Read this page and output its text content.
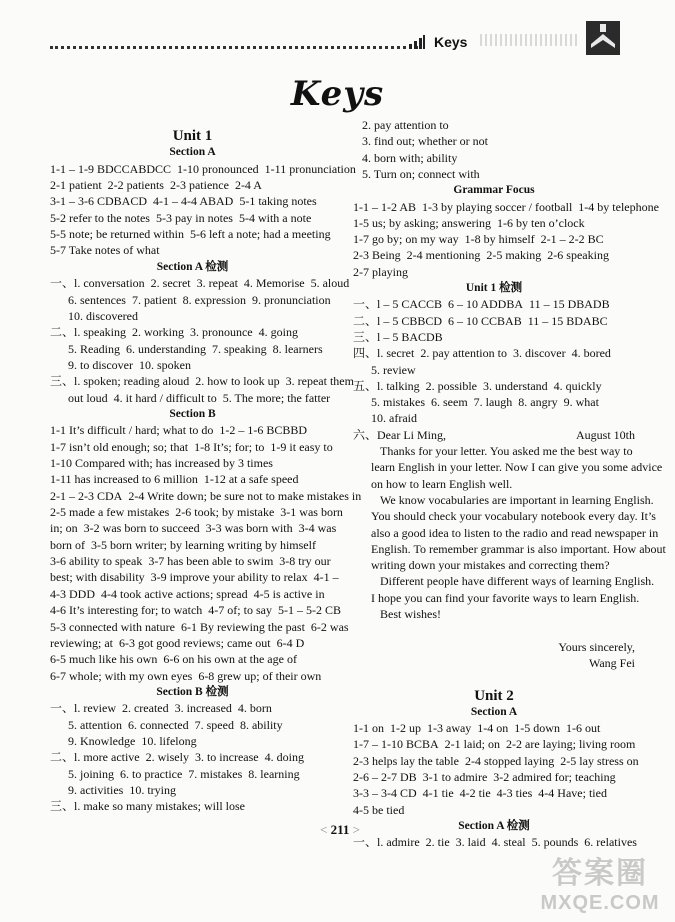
Keys
Keys
Unit 1
Section A
1-1 – 1-9 BDCCABDCC  1-10 pronounced  1-11 pronunciation
2-1 patient  2-2 patients  2-3 patience  2-4 A
3-1 – 3-6 CDBACD  4-1 – 4-4 ABAD  5-1 taking notes
5-2 refer to the notes  5-3 pay in notes  5-4 with a note
5-5 note; be returned within  5-6 left a note; had a meeting
5-7 Take notes of what
Section A 检测
一、l. conversation  2. secret  3. repeat  4. Memorise  5. aloud
6. sentences  7. patient  8. expression  9. pronunciation
10. discovered
二、l. speaking  2. working  3. pronounce  4. going
5. Reading  6. understanding  7. speaking  8. learners
9. to discover  10. spoken
三、l. spoken; reading aloud  2. how to look up  3. repeat them
out loud  4. it hard / difficult to  5. The more; the fatter
Section B
1-1 It’s difficult / hard; what to do  1-2 – 1-6 BCBBD
1-7 isn’t old enough; so; that  1-8 It’s; for; to  1-9 it easy to
1-10 Compared with; has increased by 3 times
1-11 has increased to 6 million  1-12 at a safe speed
2-1 – 2-3 CDA  2-4 Write down; be sure not to make mistakes in
2-5 made a few mistakes  2-6 took; by mistake  3-1 was born
in; on  3-2 was born to succeed  3-3 was born with  3-4 was
born of  3-5 born writer; by learning writing by himself
3-6 ability to speak  3-7 has been able to swim  3-8 try our
best; with disability  3-9 improve your ability to relax  4-1 –
4-3 DDD  4-4 took active actions; spread  4-5 is active in
4-6 It’s interesting for; to watch  4-7 of; to say  5-1 – 5-2 CB
5-3 connected with nature  6-1 By reviewing the past  6-2 was
reviewing; at  6-3 got good reviews; came out  6-4 D
6-5 much like his own  6-6 on his own at the age of
6-7 whole; with my own eyes  6-8 grew up; of their own
Section B 检测
一、l. review  2. created  3. increased  4. born
5. attention  6. connected  7. speed  8. ability
9. Knowledge  10. lifelong
二、l. more active  2. wisely  3. to increase  4. doing
5. joining  6. to practice  7. mistakes  8. learning
9. activities  10. trying
三、l. make so many mistakes; will lose
2. pay attention to
3. find out; whether or not
4. born with; ability
5. Turn on; connect with
Grammar Focus
1-1 – 1-2 AB  1-3 by playing soccer / football  1-4 by telephone
1-5 us; by asking; answering  1-6 by ten o’clock
1-7 go by; on my way  1-8 by himself  2-1 – 2-2 BC
2-3 Being  2-4 mentioning  2-5 making  2-6 speaking
2-7 playing
Unit 1 检测
一、l – 5 CACCB  6 – 10 ADDBA  11 – 15 DBADB
二、l – 5 CBBCD  6 – 10 CCBAB  11 – 15 BDABC
三、l – 5 BACDB
四、l. secret  2. pay attention to  3. discover  4. bored
5. review
五、l. talking  2. possible  3. understand  4. quickly
5. mistakes  6. seem  7. laugh  8. angry  9. what
10. afraid
六、Dear Li Ming,
Thanks for your letter. You asked me the best way to
learn English in your letter. Now I can give you some advice
on how to learn English well.
We know vocabularies are important in learning English.
You should check your vocabulary notebook every day. It’s
also a good idea to listen to the radio and read newspaper in
English. To remember grammar is also important. How about
writing down your mistakes and correcting them?
Different people have different ways of learning English.
I hope you can find your favorite ways to learn English.
Best wishes!
Yours sincerely,
Wang Fei
Unit 2
Section A
1-1 on  1-2 up  1-3 away  1-4 on  1-5 down  1-6 out
1-7 – 1-10 BCBA  2-1 laid; on  2-2 are laying; living room
2-3 helps lay the table  2-4 stopped laying  2-5 lay stress on
2-6 – 2-7 DB  3-1 to admire  3-2 admired for; teaching
3-3 – 3-4 CD  4-1 tie  4-2 tie  4-3 ties  4-4 Have; tied
4-5 be tied
Section A 检测
一、l. admire  2. tie  3. laid  4. steal  5. pounds  6. relatives
August 10th
< 211 >
答案圈
MXQE.COM
